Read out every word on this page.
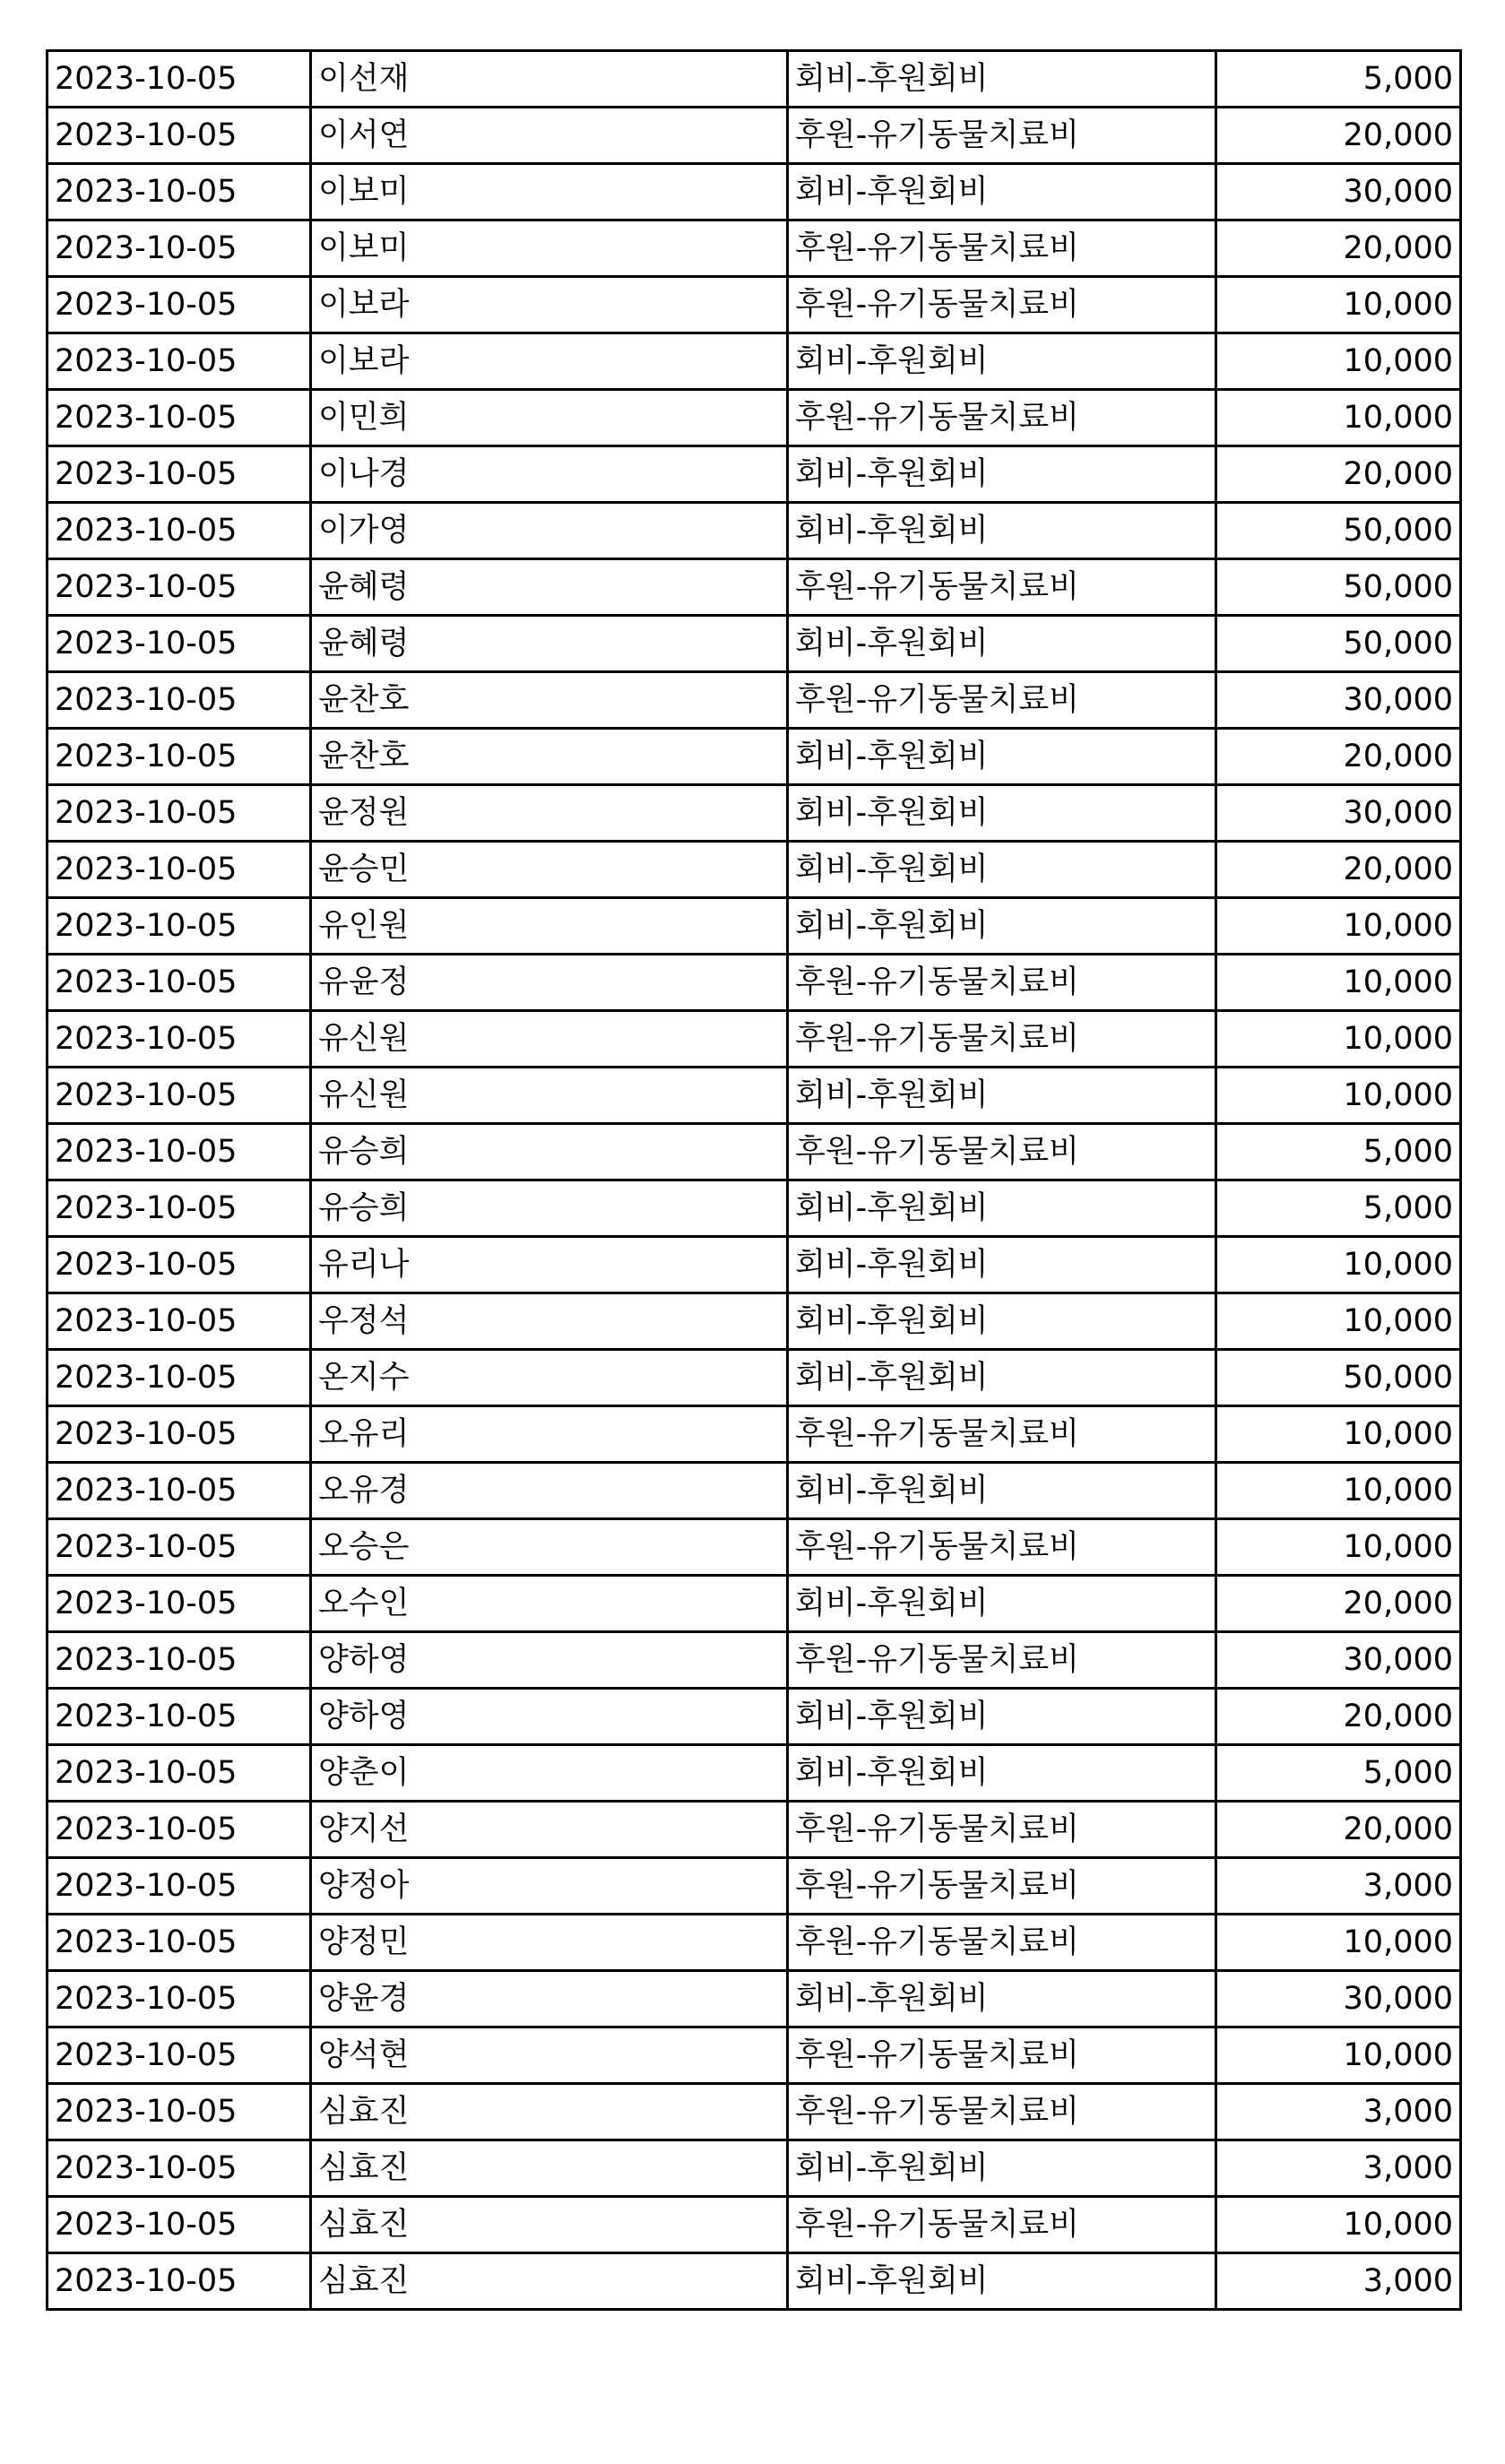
2023-10-05	이선재	회비-후원회비	5,000
2023-10-05	이서연	후원-유기동물치료비	20,000
2023-10-05	이보미	회비-후원회비	30,000
2023-10-05	이보미	후원-유기동물치료비	20,000
2023-10-05	이보라	후원-유기동물치료비	10,000
2023-10-05	이보라	회비-후원회비	10,000
2023-10-05	이민희	후원-유기동물치료비	10,000
2023-10-05	이나경	회비-후원회비	20,000
2023-10-05	이가영	회비-후원회비	50,000
2023-10-05	윤혜령	후원-유기동물치료비	50,000
2023-10-05	윤혜령	회비-후원회비	50,000
2023-10-05	윤찬호	후원-유기동물치료비	30,000
2023-10-05	윤찬호	회비-후원회비	20,000
2023-10-05	윤정원	회비-후원회비	30,000
2023-10-05	윤승민	회비-후원회비	20,000
2023-10-05	유인원	회비-후원회비	10,000
2023-10-05	유윤정	후원-유기동물치료비	10,000
2023-10-05	유신원	후원-유기동물치료비	10,000
2023-10-05	유신원	회비-후원회비	10,000
2023-10-05	유승희	후원-유기동물치료비	5,000
2023-10-05	유승희	회비-후원회비	5,000
2023-10-05	유리나	회비-후원회비	10,000
2023-10-05	우정석	회비-후원회비	10,000
2023-10-05	온지수	회비-후원회비	50,000
2023-10-05	오유리	후원-유기동물치료비	10,000
2023-10-05	오유경	회비-후원회비	10,000
2023-10-05	오승은	후원-유기동물치료비	10,000
2023-10-05	오수인	회비-후원회비	20,000
2023-10-05	양하영	후원-유기동물치료비	30,000
2023-10-05	양하영	회비-후원회비	20,000
2023-10-05	양춘이	회비-후원회비	5,000
2023-10-05	양지선	후원-유기동물치료비	20,000
2023-10-05	양정아	후원-유기동물치료비	3,000
2023-10-05	양정민	후원-유기동물치료비	10,000
2023-10-05	양윤경	회비-후원회비	30,000
2023-10-05	양석현	후원-유기동물치료비	10,000
2023-10-05	심효진	후원-유기동물치료비	3,000
2023-10-05	심효진	회비-후원회비	3,000
2023-10-05	심효진	후원-유기동물치료비	10,000
2023-10-05	심효진	회비-후원회비	3,000
